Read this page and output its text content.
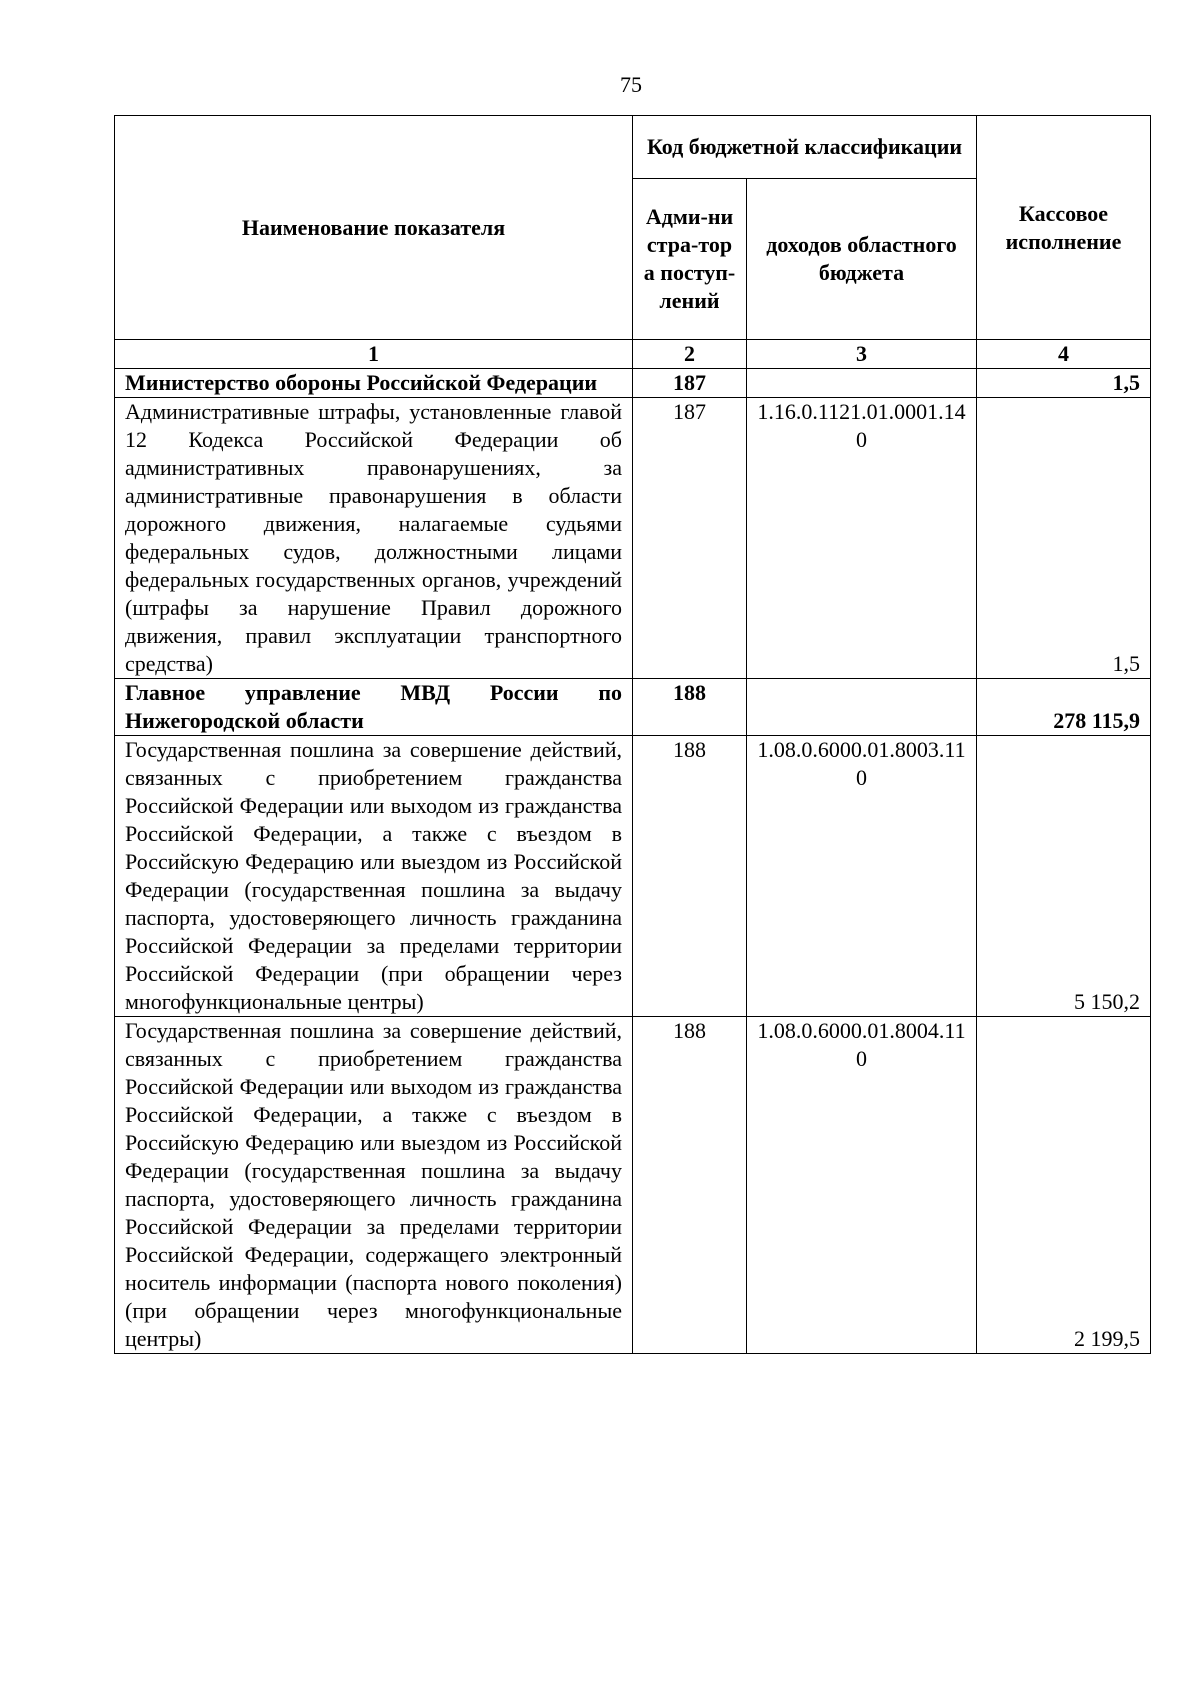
75
Наименование показателя	Код бюджетной классификации		Кассовое исполнение

	Адми-нистра-тора поступ-лений	доходов областного бюджета	
1	2	3	4
Министерство обороны Российской Федерации	187		1,5
Административные штрафы, установленные главой 12 Кодекса Российской Федерации об административных правонарушениях, за административные правонарушения в области дорожного движения, налагаемые судьями федеральных судов, должностными лицами федеральных государственных органов, учреждений (штрафы за нарушение Правил дорожного движения, правил эксплуатации транспортного средства)	187	1.16.0.1121.01.0001.140	1,5
Главное управление МВД России по Нижегородской области	188		278 115,9
Государственная пошлина за совершение действий, связанных с приобретением гражданства Российской Федерации или выходом из гражданства Российской Федерации, а также с въездом в Российскую Федерацию или выездом из Российской Федерации (государственная пошлина за выдачу паспорта, удостоверяющего личность гражданина Российской Федерации за пределами территории Российской Федерации (при обращении через многофункциональные центры)	188	1.08.0.6000.01.8003.110	5 150,2
Государственная пошлина за совершение действий, связанных с приобретением гражданства Российской Федерации или выходом из гражданства Российской Федерации, а также с въездом в Российскую Федерацию или выездом из Российской Федерации (государственная пошлина за выдачу паспорта, удостоверяющего личность гражданина Российской Федерации за пределами территории Российской Федерации, содержащего электронный носитель информации (паспорта нового поколения) (при обращении через многофункциональные центры)	188	1.08.0.6000.01.8004.110	2 199,5
